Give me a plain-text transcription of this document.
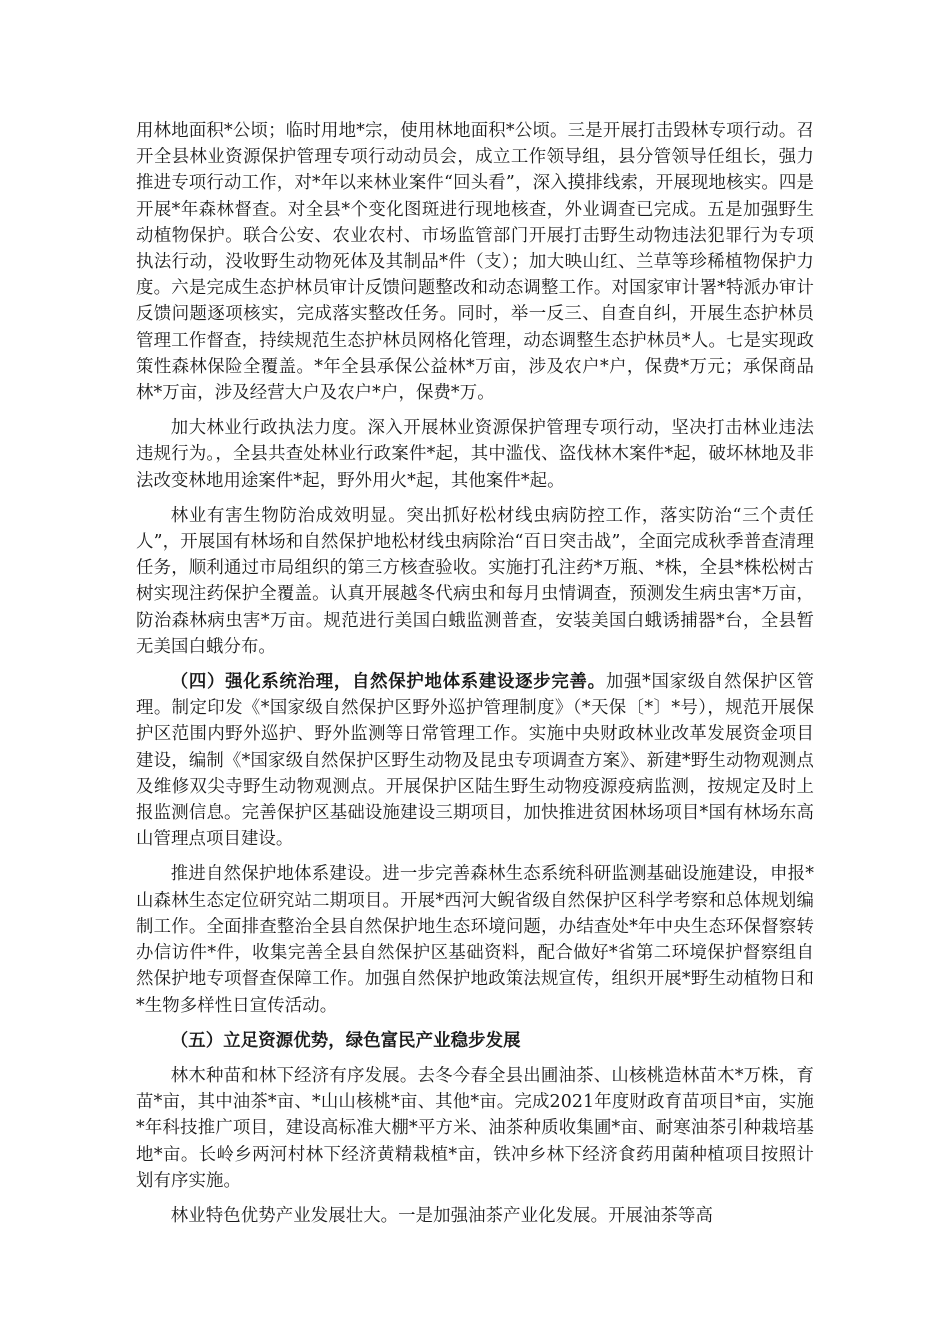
用林地面积*公顷；临时用地*宗，使用林地面积*公顷。三是开展打击毁林专项行动。召开全县林业资源保护管理专项行动动员会，成立工作领导组，县分管领导任组长，强力推进专项行动工作，对*年以来林业案件“回头看”，深入摸排线索，开展现地核实。四是开展*年森林督查。对全县*个变化图斑进行现地核查，外业调查已完成。五是加强野生动植物保护。联合公安、农业农村、市场监管部门开展打击野生动物违法犯罪行为专项执法行动，没收野生动物死体及其制品*件（支）；加大映山红、兰草等珍稀植物保护力度。六是完成生态护林员审计反馈问题整改和动态调整工作。对国家审计署*特派办审计反馈问题逐项核实，完成落实整改任务。同时，举一反三、自查自纠，开展生态护林员管理工作督查，持续规范生态护林员网格化管理，动态调整生态护林员*人。七是实现政策性森林保险全覆盖。*年全县承保公益林*万亩，涉及农户*户，保费*万元；承保商品林*万亩，涉及经营大户及农户*户，保费*万。

加大林业行政执法力度。深入开展林业资源保护管理专项行动，坚决打击林业违法违规行为。，全县共查处林业行政案件*起，其中滥伐、盗伐林木案件*起，破坏林地及非法改变林地用途案件*起，野外用火*起，其他案件*起。

林业有害生物防治成效明显。突出抓好松材线虫病防控工作，落实防治“三个责任人”，开展国有林场和自然保护地松材线虫病除治“百日突击战”，全面完成秋季普查清理任务，顺利通过市局组织的第三方核查验收。实施打孔注药*万瓶、*株，全县*株松树古树实现注药保护全覆盖。认真开展越冬代病虫和每月虫情调查，预测发生病虫害*万亩，防治森林病虫害*万亩。规范进行美国白蛾监测普查，安装美国白蛾诱捕器*台，全县暂无美国白蛾分布。

（四）强化系统治理，自然保护地体系建设逐步完善。加强*国家级自然保护区管理。制定印发《*国家级自然保护区野外巡护管理制度》（*天保〔*〕*号），规范开展保护区范围内野外巡护、野外监测等日常管理工作。实施中央财政林业改革发展资金项目建设，编制《*国家级自然保护区野生动物及昆虫专项调查方案》、新建*野生动物观测点及维修双尖寺野生动物观测点。开展保护区陆生野生动物疫源疫病监测，按规定及时上报监测信息。完善保护区基础设施建设三期项目，加快推进贫困林场项目*国有林场东高山管理点项目建设。

推进自然保护地体系建设。进一步完善森林生态系统科研监测基础设施建设，申报*山森林生态定位研究站二期项目。开展*西河大鲵省级自然保护区科学考察和总体规划编制工作。全面排查整治全县自然保护地生态环境问题，办结查处*年中央生态环保督察转办信访件*件，收集完善全县自然保护区基础资料，配合做好*省第二环境保护督察组自然保护地专项督查保障工作。加强自然保护地政策法规宣传，组织开展*野生动植物日和*生物多样性日宣传活动。

（五）立足资源优势，绿色富民产业稳步发展

林木种苗和林下经济有序发展。去冬今春全县出圃油茶、山核桃造林苗木*万株，育苗*亩，其中油茶*亩、*山山核桃*亩、其他*亩。完成2021年度财政育苗项目*亩，实施*年科技推广项目，建设高标准大棚*平方米、油茶种质收集圃*亩、耐寒油茶引种栽培基地*亩。长岭乡两河村林下经济黄精栽植*亩，铁冲乡林下经济食药用菌种植项目按照计划有序实施。

林业特色优势产业发展壮大。一是加强油茶产业化发展。开展油茶等高
